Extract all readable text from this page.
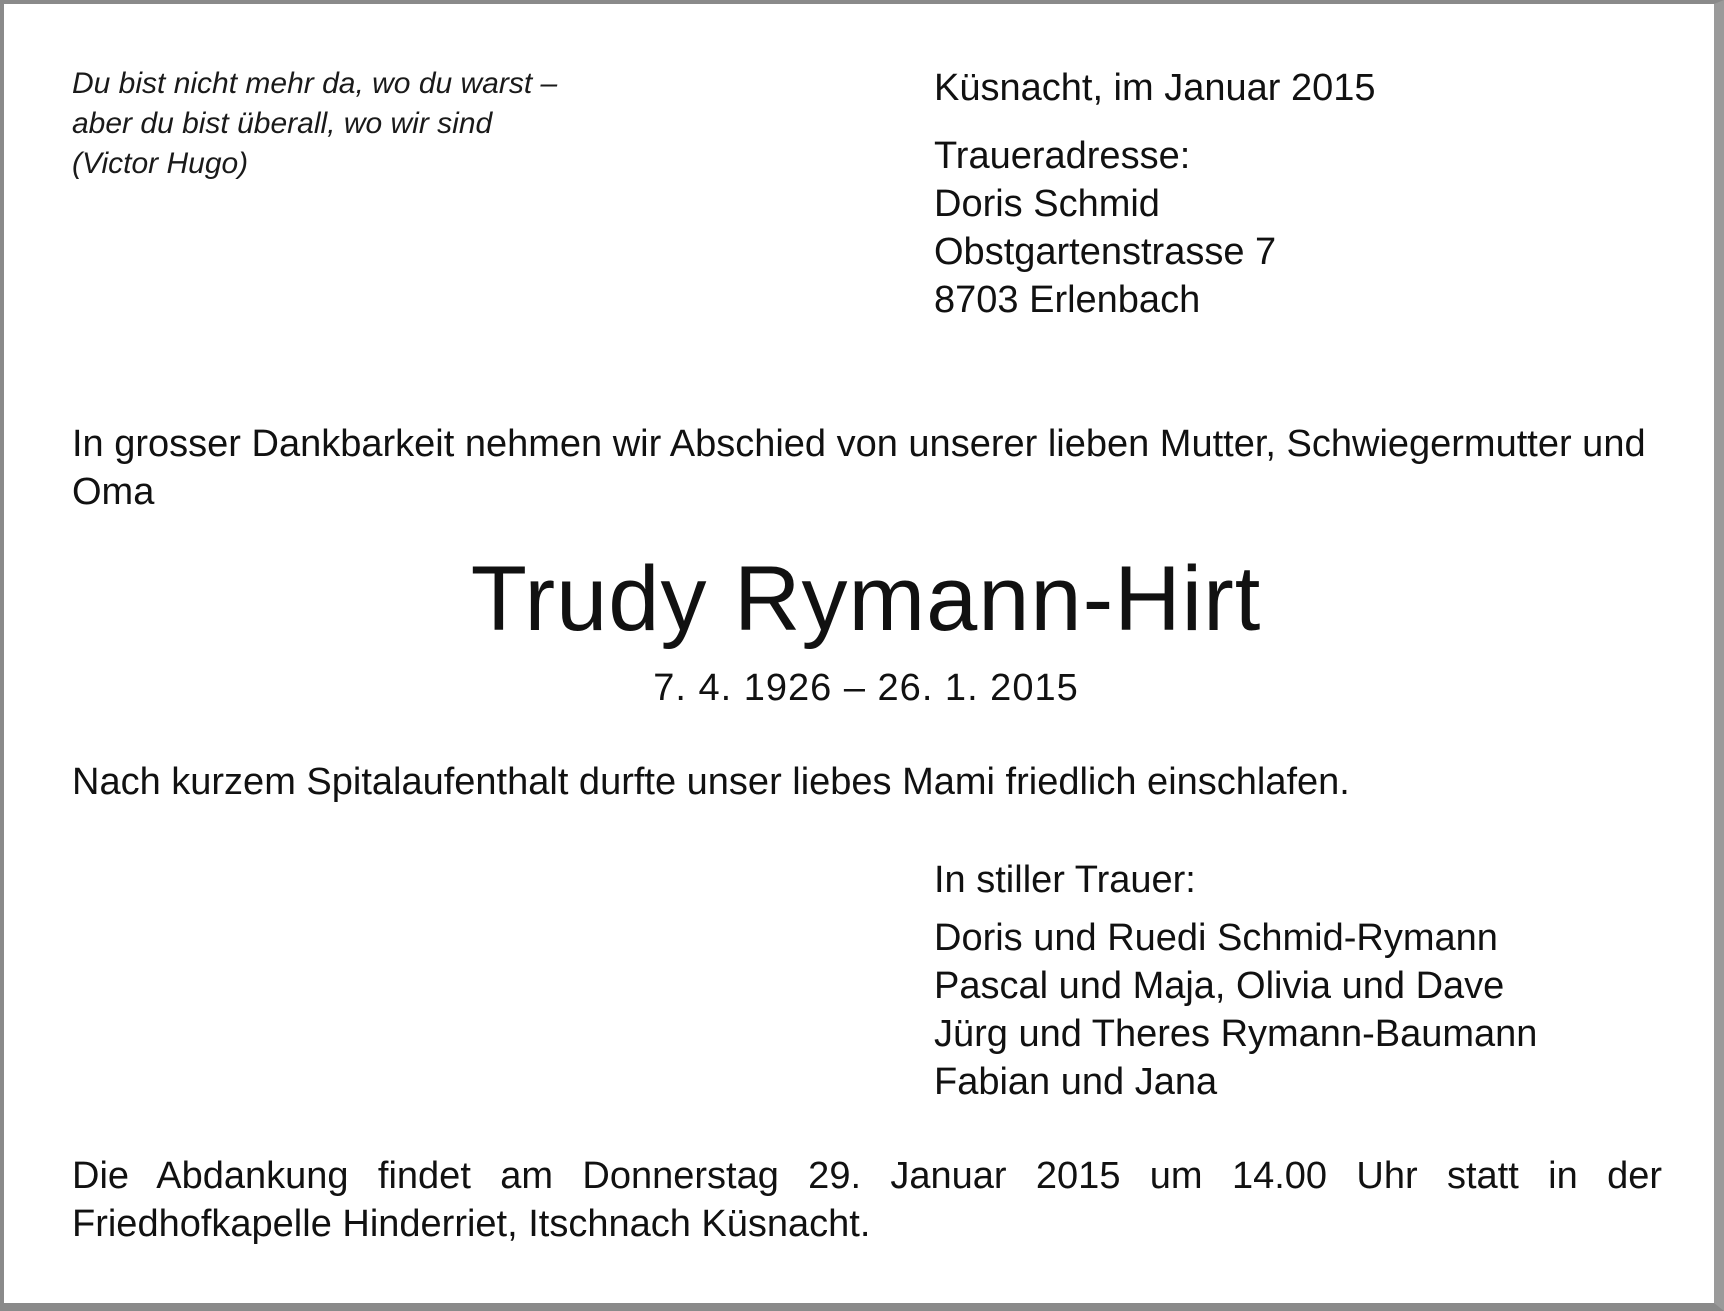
Du bist nicht mehr da, wo du warst –
aber du bist überall, wo wir sind
(Victor Hugo)
Küsnacht, im Januar 2015
Traueradresse:
Doris Schmid
Obstgartenstrasse 7
8703 Erlenbach
In grosser Dankbarkeit nehmen wir Abschied von unserer lieben Mutter, Schwiegermutter und Oma
Trudy Rymann-Hirt
7. 4. 1926 – 26. 1. 2015
Nach kurzem Spitalaufenthalt durfte unser liebes Mami friedlich einschlafen.
In stiller Trauer:
Doris und Ruedi Schmid-Rymann
Pascal und Maja, Olivia und Dave
Jürg und Theres Rymann-Baumann
Fabian und Jana
Die Abdankung findet am Donnerstag 29. Januar 2015 um 14.00 Uhr statt in der
Friedhofkapelle Hinderriet, Itschnach Küsnacht.
